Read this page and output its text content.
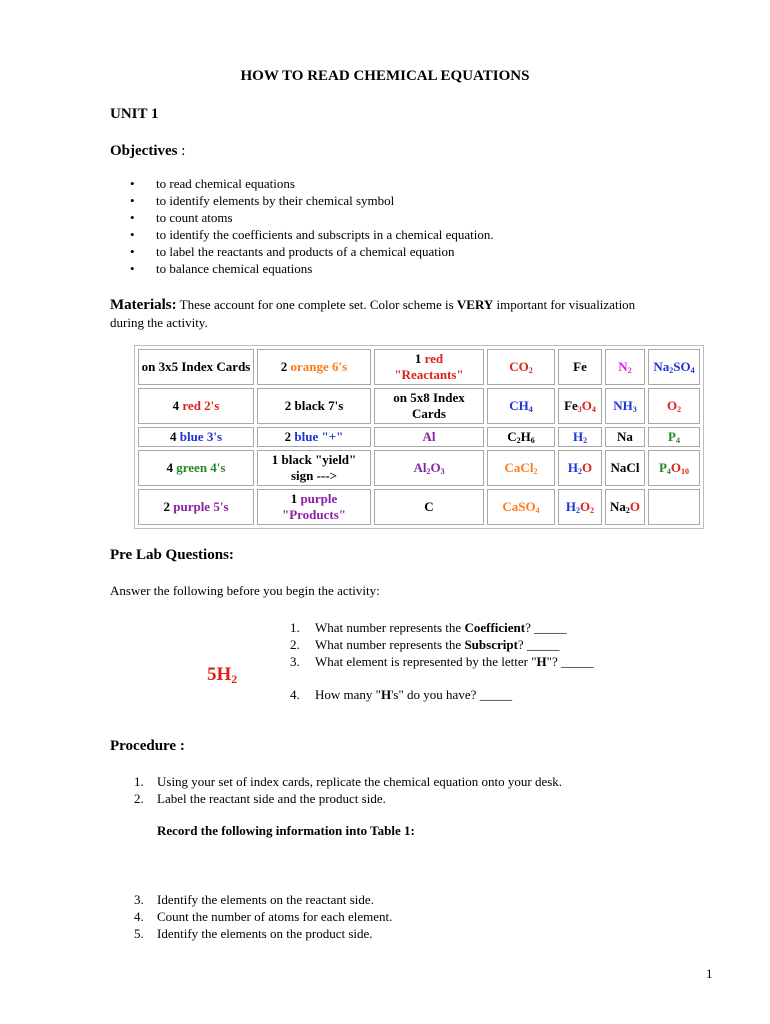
HOW TO READ CHEMICAL EQUATIONS
UNIT 1
Objectives :
• to read chemical equations
• to identify elements by their chemical symbol
• to count atoms
• to identify the coefficients and subscripts in a chemical equation.
• to label the reactants and products of a chemical equation
• to balance chemical equations
Materials: These account for one complete set. Color scheme is VERY important for visualization during the activity.
on 3x5 Index Cards	2 orange 6's	1 red
"Reactants"	$CO_2$	Fe	$N_2$	$Na_2SO_4$
4 red 2's	2 black 7's	on 5x8 Index Cards	$CH_4$	$Fe_3O_4$	$NH_3$	$O_2$
4 blue 3's	2 blue "+"	Al	$C_2H_6$	$H_2$	Na	$P_4$
4 green 4's	1 black "yield" sign --->	$Al_2O_3$	CaCl$_2$	$H_2O$	NaCl	$P_4O_{10}$
2 purple 5's	1 purple
"Products"	C	CaSO$_4$	$H_2O_2$	$Na_2O$	
Pre Lab Questions:
Answer the following before you begin the activity:
$5H_2$
1. What number represents the Coefficient? _____
2. What number represents the Subscript? _____
3. What element is represented by the letter "H"? _____
4. How many "H's" do you have? _____
Procedure :
1. Using your set of index cards, replicate the chemical equation onto your desk.
2. Label the reactant side and the product side.
Record the following information into Table 1:
3. Identify the elements on the reactant side.
4. Count the number of atoms for each element.
5. Identify the elements on the product side.
1
